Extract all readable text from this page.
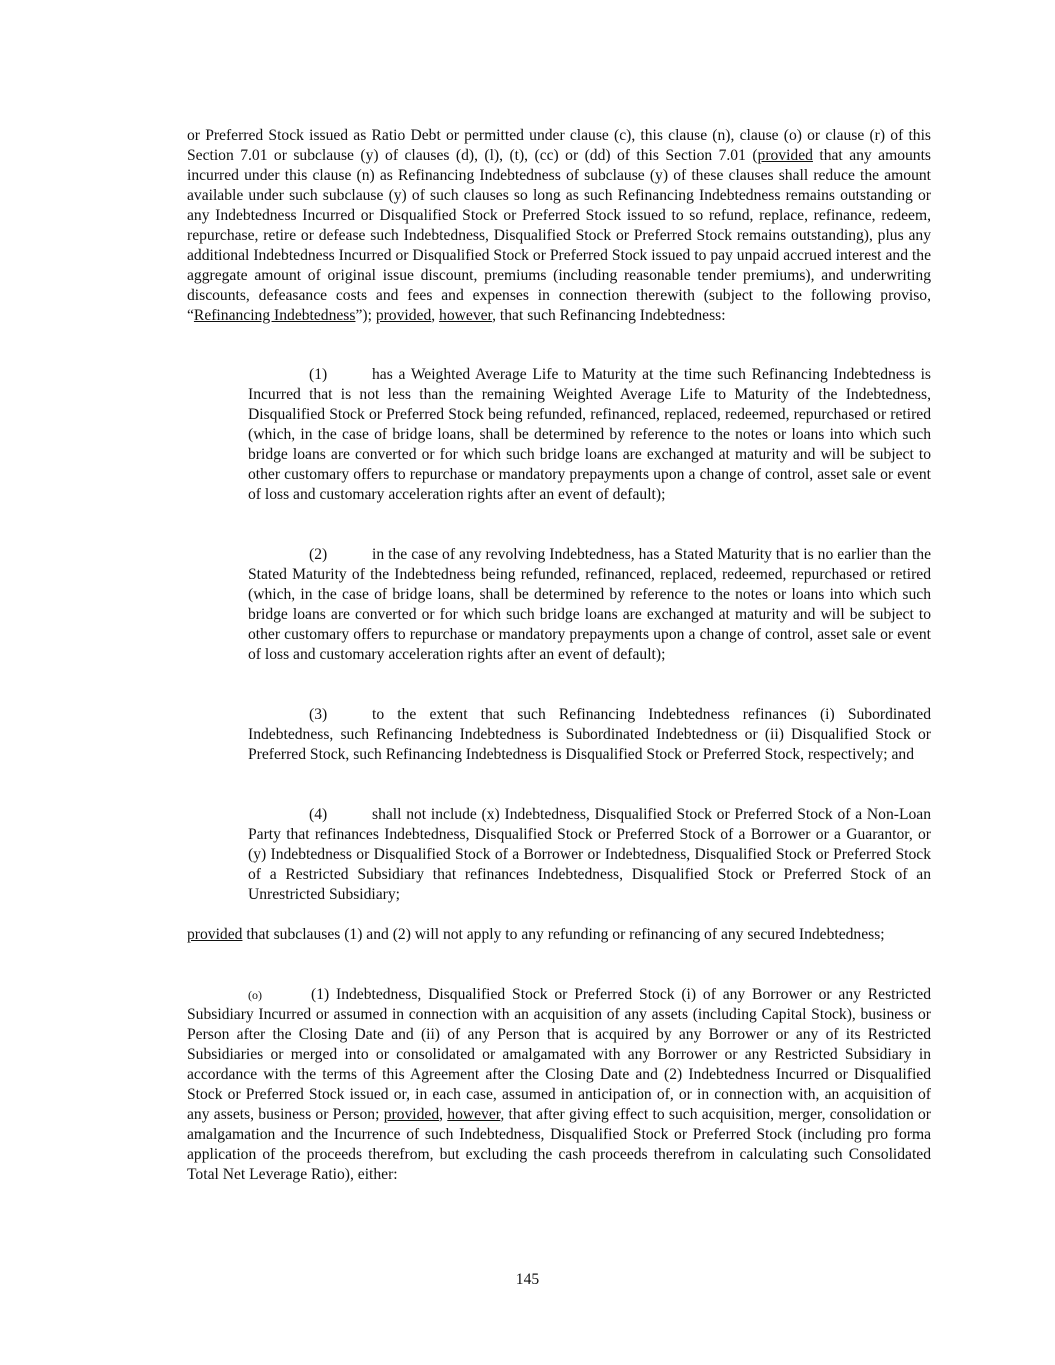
or Preferred Stock issued as Ratio Debt or permitted under clause (c), this clause (n), clause (o) or clause (r) of this Section 7.01 or subclause (y) of clauses (d), (l), (t), (cc) or (dd) of this Section 7.01 (provided that any amounts incurred under this clause (n) as Refinancing Indebtedness of subclause (y) of these clauses shall reduce the amount available under such subclause (y) of such clauses so long as such Refinancing Indebtedness remains outstanding or any Indebtedness Incurred or Disqualified Stock or Preferred Stock issued to so refund, replace, refinance, redeem, repurchase, retire or defease such Indebtedness, Disqualified Stock or Preferred Stock remains outstanding), plus any additional Indebtedness Incurred or Disqualified Stock or Preferred Stock issued to pay unpaid accrued interest and the aggregate amount of original issue discount, premiums (including reasonable tender premiums), and underwriting discounts, defeasance costs and fees and expenses in connection therewith (subject to the following proviso, “Refinancing Indebtedness”); provided, however, that such Refinancing Indebtedness:

(1)	has a Weighted Average Life to Maturity at the time such Refinancing Indebtedness is Incurred that is not less than the remaining Weighted Average Life to Maturity of the Indebtedness, Disqualified Stock or Preferred Stock being refunded, refinanced, replaced, redeemed, repurchased or retired (which, in the case of bridge loans, shall be determined by reference to the notes or loans into which such bridge loans are converted or for which such bridge loans are exchanged at maturity and will be subject to other customary offers to repurchase or mandatory prepayments upon a change of control, asset sale or event of loss and customary acceleration rights after an event of default);

(2)	in the case of any revolving Indebtedness, has a Stated Maturity that is no earlier than the Stated Maturity of the Indebtedness being refunded, refinanced, replaced, redeemed, repurchased or retired (which, in the case of bridge loans, shall be determined by reference to the notes or loans into which such bridge loans are converted or for which such bridge loans are exchanged at maturity and will be subject to other customary offers to repurchase or mandatory prepayments upon a change of control, asset sale or event of loss and customary acceleration rights after an event of default);

(3)	to the extent that such Refinancing Indebtedness refinances (i) Subordinated Indebtedness, such Refinancing Indebtedness is Subordinated Indebtedness or (ii) Disqualified Stock or Preferred Stock, such Refinancing Indebtedness is Disqualified Stock or Preferred Stock, respectively; and

(4)	shall not include (x) Indebtedness, Disqualified Stock or Preferred Stock of a Non-Loan Party that refinances Indebtedness, Disqualified Stock or Preferred Stock of a Borrower or a Guarantor, or (y) Indebtedness or Disqualified Stock of a Borrower or Indebtedness, Disqualified Stock or Preferred Stock of a Restricted Subsidiary that refinances Indebtedness, Disqualified Stock or Preferred Stock of an Unrestricted Subsidiary;

provided that subclauses (1) and (2) will not apply to any refunding or refinancing of any secured Indebtedness;

(o)	(1) Indebtedness, Disqualified Stock or Preferred Stock (i) of any Borrower or any Restricted Subsidiary Incurred or assumed in connection with an acquisition of any assets (including Capital Stock), business or Person after the Closing Date and (ii) of any Person that is acquired by any Borrower or any of its Restricted Subsidiaries or merged into or consolidated or amalgamated with any Borrower or any Restricted Subsidiary in accordance with the terms of this Agreement after the Closing Date and (2) Indebtedness Incurred or Disqualified Stock or Preferred Stock issued or, in each case, assumed in anticipation of, or in connection with, an acquisition of any assets, business or Person; provided, however, that after giving effect to such acquisition, merger, consolidation or amalgamation and the Incurrence of such Indebtedness, Disqualified Stock or Preferred Stock (including pro forma application of the proceeds therefrom, but excluding the cash proceeds therefrom in calculating such Consolidated Total Net Leverage Ratio), either:

145
